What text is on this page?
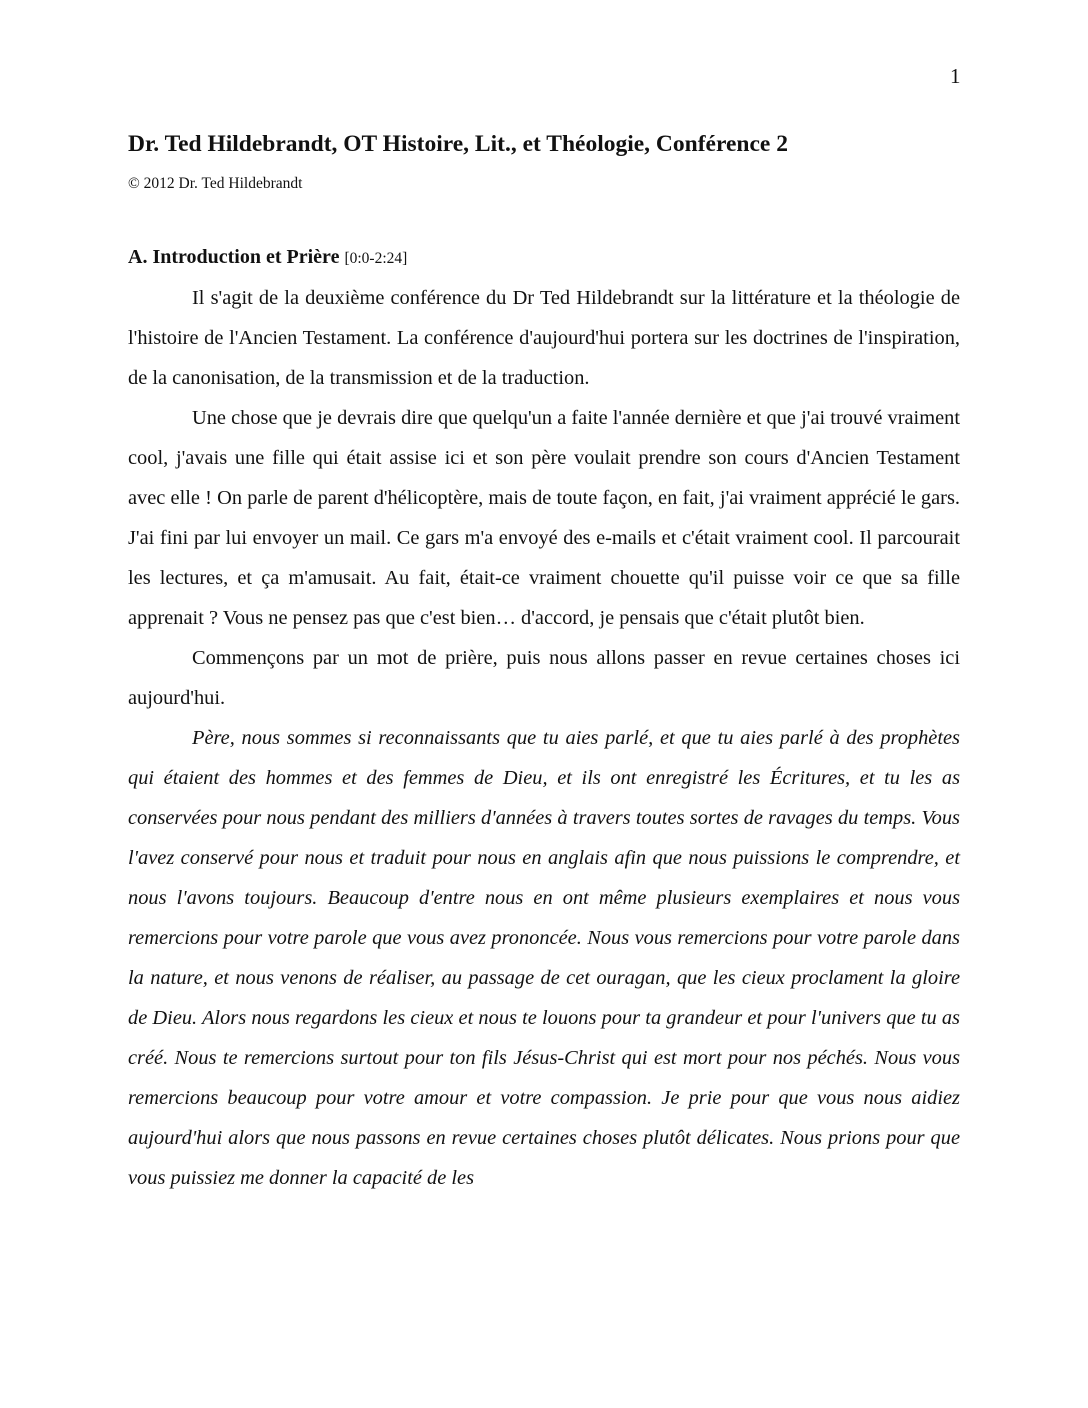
1
Dr. Ted Hildebrandt, OT Histoire, Lit., et Théologie, Conférence 2
© 2012 Dr. Ted Hildebrandt
A. Introduction et Prière [0:0-2:24]

Il s'agit de la deuxième conférence du Dr Ted Hildebrandt sur la littérature et la théologie de l'histoire de l'Ancien Testament. La conférence d'aujourd'hui portera sur les doctrines de l'inspiration, de la canonisation, de la transmission et de la traduction.

Une chose que je devrais dire que quelqu'un a faite l'année dernière et que j'ai trouvé vraiment cool, j'avais une fille qui était assise ici et son père voulait prendre son cours d'Ancien Testament avec elle ! On parle de parent d'hélicoptère, mais de toute façon, en fait, j'ai vraiment apprécié le gars. J'ai fini par lui envoyer un mail. Ce gars m'a envoyé des e-mails et c'était vraiment cool. Il parcourait les lectures, et ça m'amusait. Au fait, était-ce vraiment chouette qu'il puisse voir ce que sa fille apprenait ? Vous ne pensez pas que c'est bien… d'accord, je pensais que c'était plutôt bien.

Commençons par un mot de prière, puis nous allons passer en revue certaines choses ici aujourd'hui.

Père, nous sommes si reconnaissants que tu aies parlé, et que tu aies parlé à des prophètes qui étaient des hommes et des femmes de Dieu, et ils ont enregistré les Écritures, et tu les as conservées pour nous pendant des milliers d'années à travers toutes sortes de ravages du temps. Vous l'avez conservé pour nous et traduit pour nous en anglais afin que nous puissions le comprendre, et nous l'avons toujours. Beaucoup d'entre nous en ont même plusieurs exemplaires et nous vous remercions pour votre parole que vous avez prononcée. Nous vous remercions pour votre parole dans la nature, et nous venons de réaliser, au passage de cet ouragan, que les cieux proclament la gloire de Dieu. Alors nous regardons les cieux et nous te louons pour ta grandeur et pour l'univers que tu as créé. Nous te remercions surtout pour ton fils Jésus-Christ qui est mort pour nos péchés. Nous vous remercions beaucoup pour votre amour et votre compassion. Je prie pour que vous nous aidiez aujourd'hui alors que nous passons en revue certaines choses plutôt délicates. Nous prions pour que vous puissiez me donner la capacité de les
